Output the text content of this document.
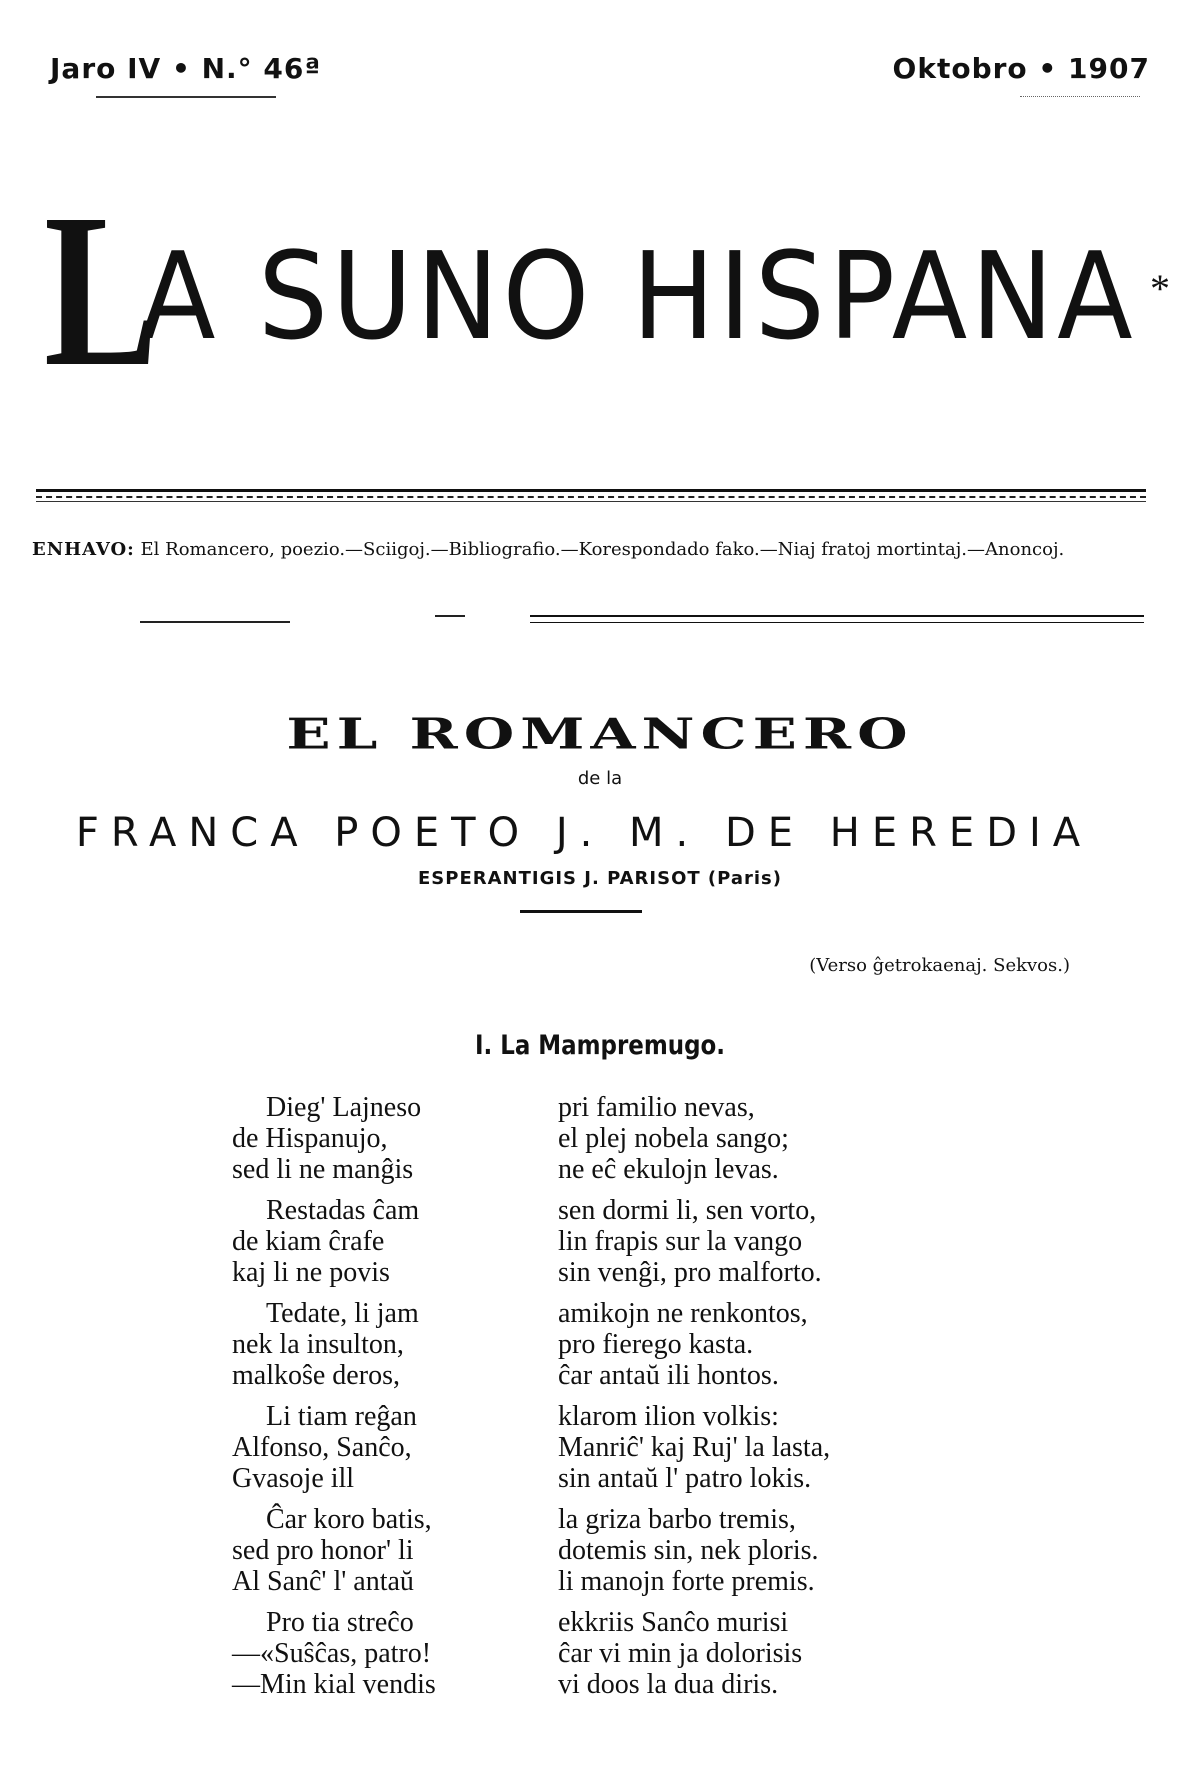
Jaro IV • N.° 46ª	Oktobro • 1907
L
A SUNO HISPANA *
ENHAVO: El Romancero, poezio.—Sciigoj.—Bibliografio.—Korespondado fako.—Niaj fratoj mortintaj.—Anoncoj.
EL ROMANCERO
de la
FRANCA POETO J. M. DE HEREDIA
ESPERANTIGIS J. PARISOT (Paris)
(Verso ĝetrokaenaj. Sekvos.)
I. La Mampremugo.
Dieg' Lajneso
de Hispanujo,
sed li ne manĝis
pri familio nevas,
el plej nobela sango;
ne eĉ ekulojn levas.
Restadas ĉam
de kiam ĉrafe
kaj li ne povis
sen dormi li, sen vorto,
lin frapis sur la vango
sin venĝi, pro malforto.
Tedate, li jam
nek la insulton,
malkoŝe deros,
amikojn ne renkontos,
pro fierego kasta.
ĉar antaŭ ili hontos.
Li tiam reĝan
Alfonso, Sanĉo,
Gvasoje ill
klarom ilion volkis:
Manriĉ' kaj Ruj' la lasta,
sin antaŭ l' patro lokis.
Ĉar koro batis,
sed pro honor' li
Al Sanĉ' l' antaŭ
la griza barbo tremis,
dotemis sin, nek ploris.
li manojn forte premis.
Pro tia streĉo
—«Suŝĉas, patro!
—Min kial vendis
ekkriis Sanĉo murisi
ĉar vi min ja dolorisis
vi doos la dua diris.
